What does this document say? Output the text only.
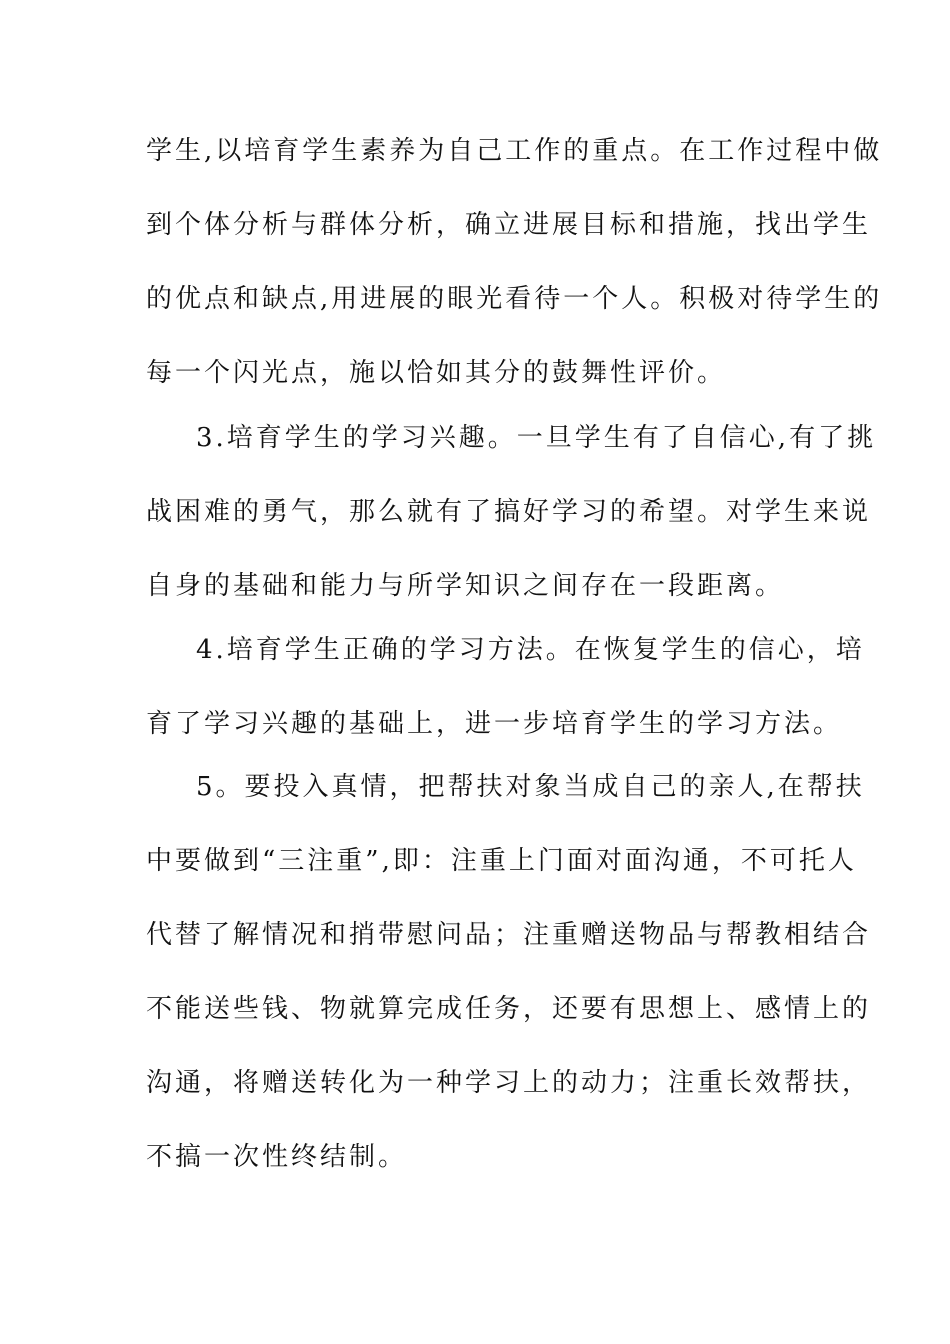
学生,以培育学生素养为自己工作的重点。在工作过程中做
到个体分析与群体分析，确立进展目标和措施，找出学生
的优点和缺点,用进展的眼光看待一个人。积极对待学生的
每一个闪光点，施以恰如其分的鼓舞性评价。
3.培育学生的学习兴趣。一旦学生有了自信心,有了挑
战困难的勇气，那么就有了搞好学习的希望。对学生来说
自身的基础和能力与所学知识之间存在一段距离。
4.培育学生正确的学习方法。在恢复学生的信心，培
育了学习兴趣的基础上，进一步培育学生的学习方法。
5。要投入真情，把帮扶对象当成自己的亲人,在帮扶
中要做到“三注重”,即：注重上门面对面沟通，不可托人
代替了解情况和捎带慰问品；注重赠送物品与帮教相结合
不能送些钱、物就算完成任务，还要有思想上、感情上的
沟通，将赠送转化为一种学习上的动力；注重长效帮扶，
不搞一次性终结制。
